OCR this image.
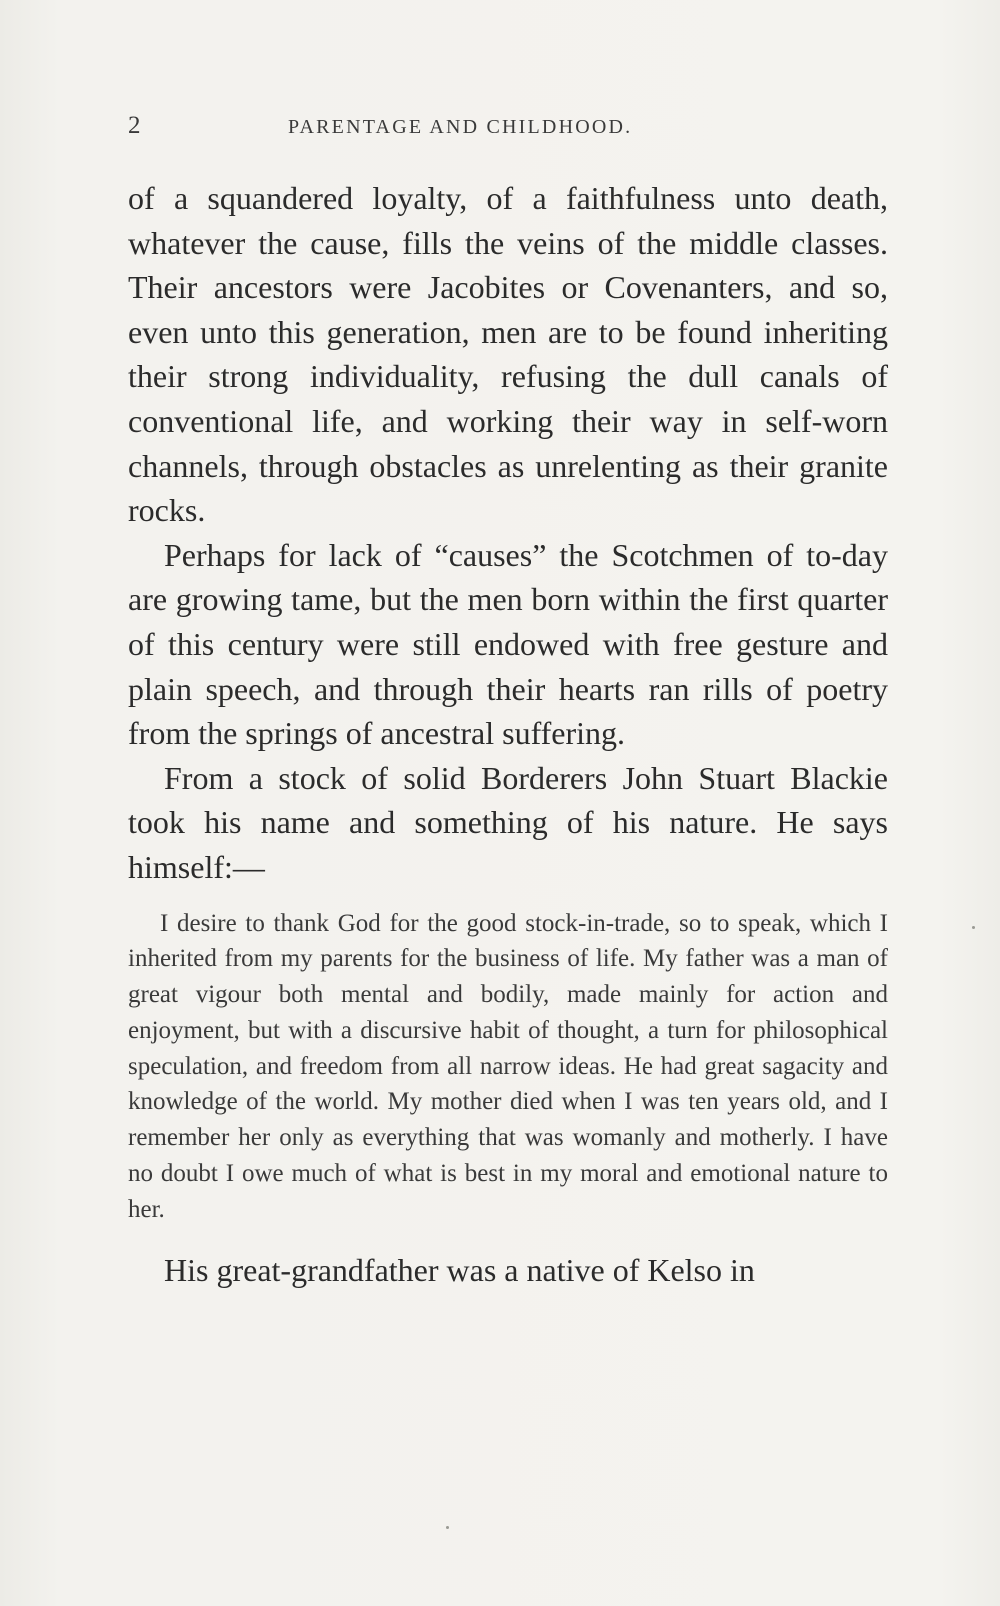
2	PARENTAGE AND CHILDHOOD.

of a squandered loyalty, of a faithfulness unto death, whatever the cause, fills the veins of the middle classes. Their ancestors were Jacobites or Covenanters, and so, even unto this generation, men are to be found inheriting their strong individuality, refusing the dull canals of conventional life, and working their way in self-worn channels, through obstacles as unrelenting as their granite rocks.

Perhaps for lack of “causes” the Scotchmen of to-day are growing tame, but the men born within the first quarter of this century were still endowed with free gesture and plain speech, and through their hearts ran rills of poetry from the springs of ancestral suffering.

From a stock of solid Borderers John Stuart Blackie took his name and something of his nature. He says himself:—

I desire to thank God for the good stock-in-trade, so to speak, which I inherited from my parents for the business of life. My father was a man of great vigour both mental and bodily, made mainly for action and enjoyment, but with a discursive habit of thought, a turn for philosophical speculation, and freedom from all narrow ideas. He had great sagacity and knowledge of the world. My mother died when I was ten years old, and I remember her only as everything that was womanly and motherly. I have no doubt I owe much of what is best in my moral and emotional nature to her.

His great-grandfather was a native of Kelso in
